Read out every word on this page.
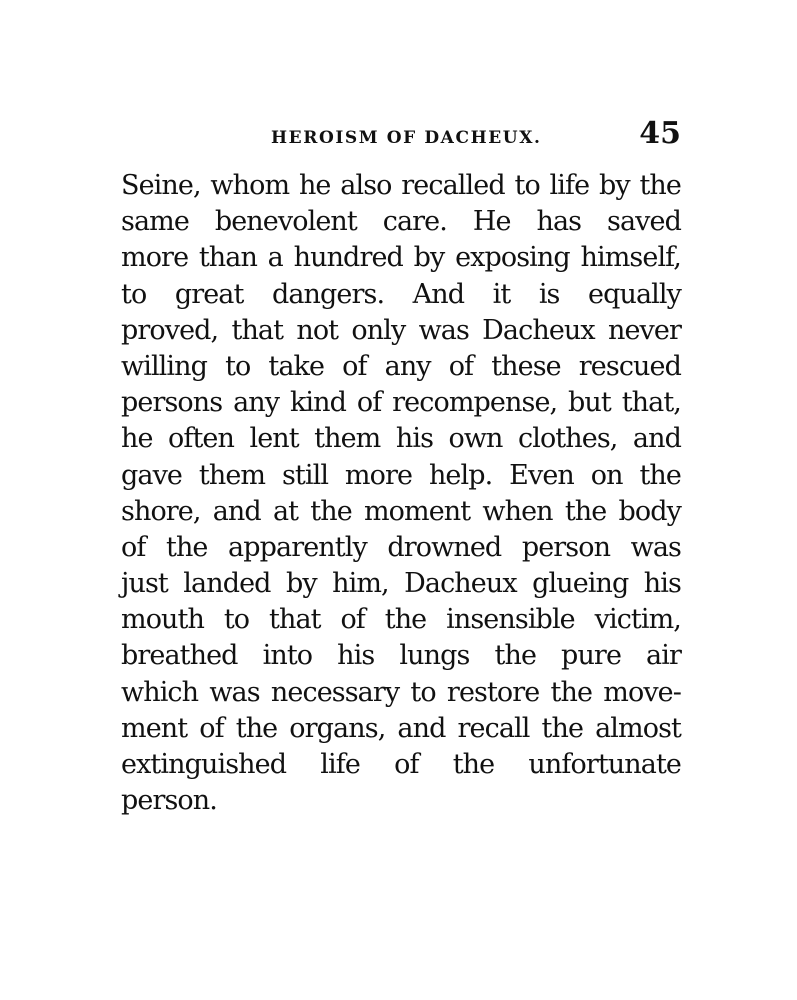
HEROISM OF DACHEUX.	45
Seine, whom he also recalled to life by the
same benevolent care. He has saved
more than a hundred by exposing himself,
to great dangers. And it is equally
proved, that not only was Dacheux never
willing to take of any of these rescued
persons any kind of recompense, but that,
he often lent them his own clothes, and
gave them still more help. Even on the
shore, and at the moment when the body
of the apparently drowned person was
just landed by him, Dacheux glueing his
mouth to that of the insensible victim,
breathed into his lungs the pure air
which was necessary to restore the move-
ment of the organs, and recall the almost
extinguished life of the unfortunate
person.
